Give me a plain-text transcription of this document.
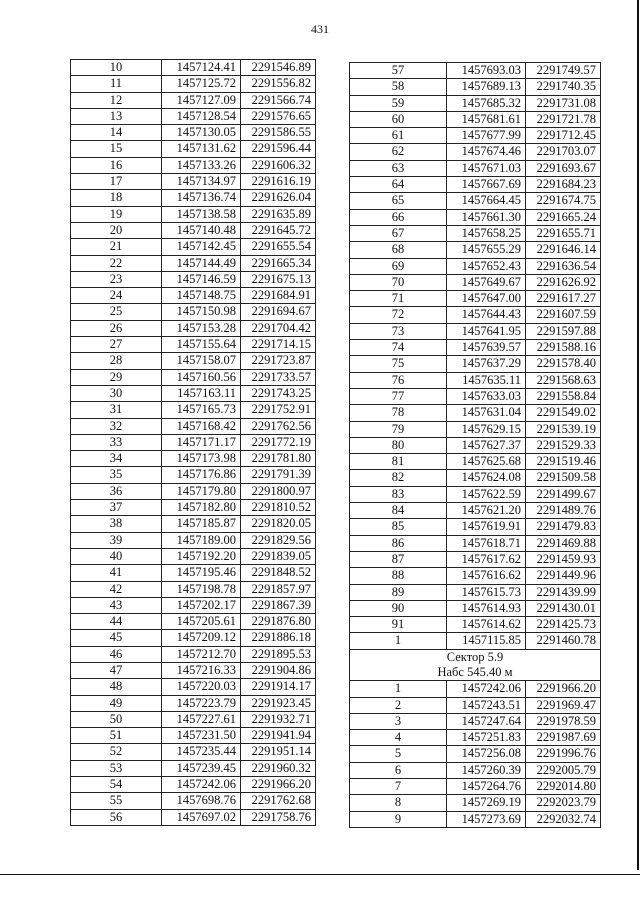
431
10	1457124.41	2291546.89
11	1457125.72	2291556.82
12	1457127.09	2291566.74
13	1457128.54	2291576.65
14	1457130.05	2291586.55
15	1457131.62	2291596.44
16	1457133.26	2291606.32
17	1457134.97	2291616.19
18	1457136.74	2291626.04
19	1457138.58	2291635.89
20	1457140.48	2291645.72
21	1457142.45	2291655.54
22	1457144.49	2291665.34
23	1457146.59	2291675.13
24	1457148.75	2291684.91
25	1457150.98	2291694.67
26	1457153.28	2291704.42
27	1457155.64	2291714.15
28	1457158.07	2291723.87
29	1457160.56	2291733.57
30	1457163.11	2291743.25
31	1457165.73	2291752.91
32	1457168.42	2291762.56
33	1457171.17	2291772.19
34	1457173.98	2291781.80
35	1457176.86	2291791.39
36	1457179.80	2291800.97
37	1457182.80	2291810.52
38	1457185.87	2291820.05
39	1457189.00	2291829.56
40	1457192.20	2291839.05
41	1457195.46	2291848.52
42	1457198.78	2291857.97
43	1457202.17	2291867.39
44	1457205.61	2291876.80
45	1457209.12	2291886.18
46	1457212.70	2291895.53
47	1457216.33	2291904.86
48	1457220.03	2291914.17
49	1457223.79	2291923.45
50	1457227.61	2291932.71
51	1457231.50	2291941.94
52	1457235.44	2291951.14
53	1457239.45	2291960.32
54	1457242.06	2291966.20
55	1457698.76	2291762.68
56	1457697.02	2291758.76
57	1457693.03	2291749.57
58	1457689.13	2291740.35
59	1457685.32	2291731.08
60	1457681.61	2291721.78
61	1457677.99	2291712.45
62	1457674.46	2291703.07
63	1457671.03	2291693.67
64	1457667.69	2291684.23
65	1457664.45	2291674.75
66	1457661.30	2291665.24
67	1457658.25	2291655.71
68	1457655.29	2291646.14
69	1457652.43	2291636.54
70	1457649.67	2291626.92
71	1457647.00	2291617.27
72	1457644.43	2291607.59
73	1457641.95	2291597.88
74	1457639.57	2291588.16
75	1457637.29	2291578.40
76	1457635.11	2291568.63
77	1457633.03	2291558.84
78	1457631.04	2291549.02
79	1457629.15	2291539.19
80	1457627.37	2291529.33
81	1457625.68	2291519.46
82	1457624.08	2291509.58
83	1457622.59	2291499.67
84	1457621.20	2291489.76
85	1457619.91	2291479.83
86	1457618.71	2291469.88
87	1457617.62	2291459.93
88	1457616.62	2291449.96
89	1457615.73	2291439.99
90	1457614.93	2291430.01
91	1457614.62	2291425.73
1	1457115.85	2291460.78

Сектор 5.9
Набс 545.40 м		

1	1457242.06	2291966.20
2	1457243.51	2291969.47
3	1457247.64	2291978.59
4	1457251.83	2291987.69
5	1457256.08	2291996.76
6	1457260.39	2292005.79
7	1457264.76	2292014.80
8	1457269.19	2292023.79
9	1457273.69	2292032.74
